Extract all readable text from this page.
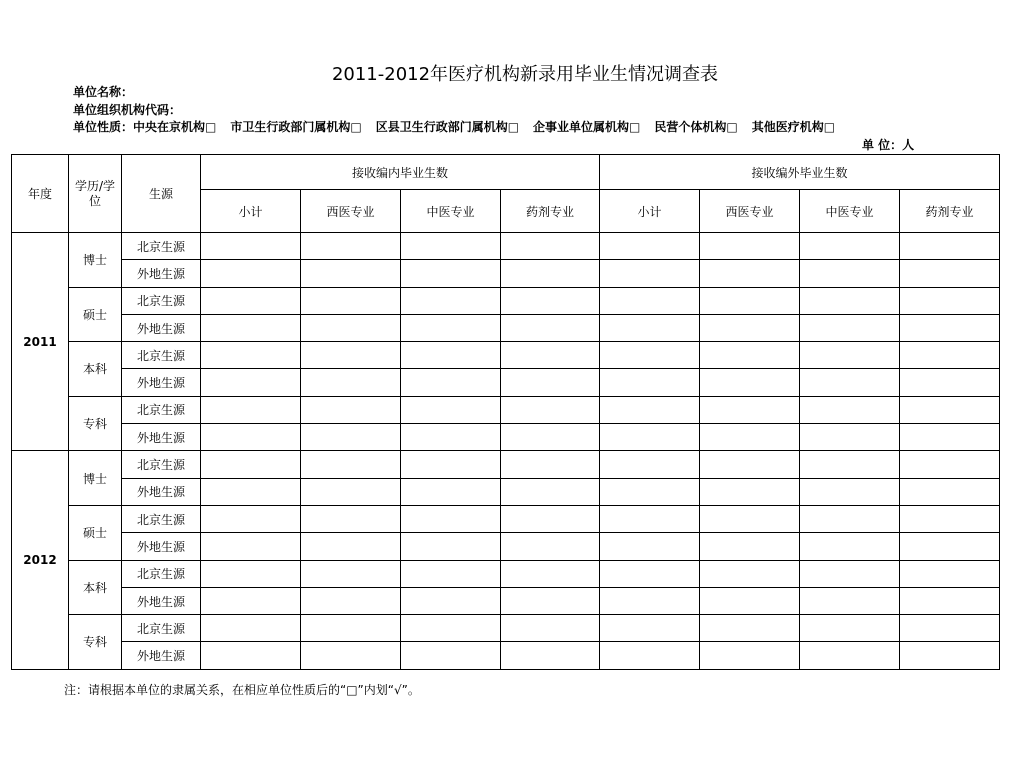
2011-2012年医疗机构新录用毕业生情况调查表
单位名称：
单位组织机构代码：
单位性质：中央在京机构□ 市卫生行政部门属机构□ 区县卫生行政部门属机构□ 企事业单位属机构□ 民营个体机构□ 其他医疗机构□
单 位：人
年度	学历/学位	生源	接收编内毕业生数				接收编外毕业生数			
			小计	西医专业	中医专业	药剂专业	小计	西医专业	中医专业	药剂专业
2011	博士	北京生源								
		外地生源								
	硕士	北京生源								
		外地生源								
	本科	北京生源								
		外地生源								
	专科	北京生源								
		外地生源								
2012	博士	北京生源								
		外地生源								
	硕士	北京生源								
		外地生源								
	本科	北京生源								
		外地生源								
	专科	北京生源								
		外地生源								
注：请根据本单位的隶属关系，在相应单位性质后的“□”内划“√”。
